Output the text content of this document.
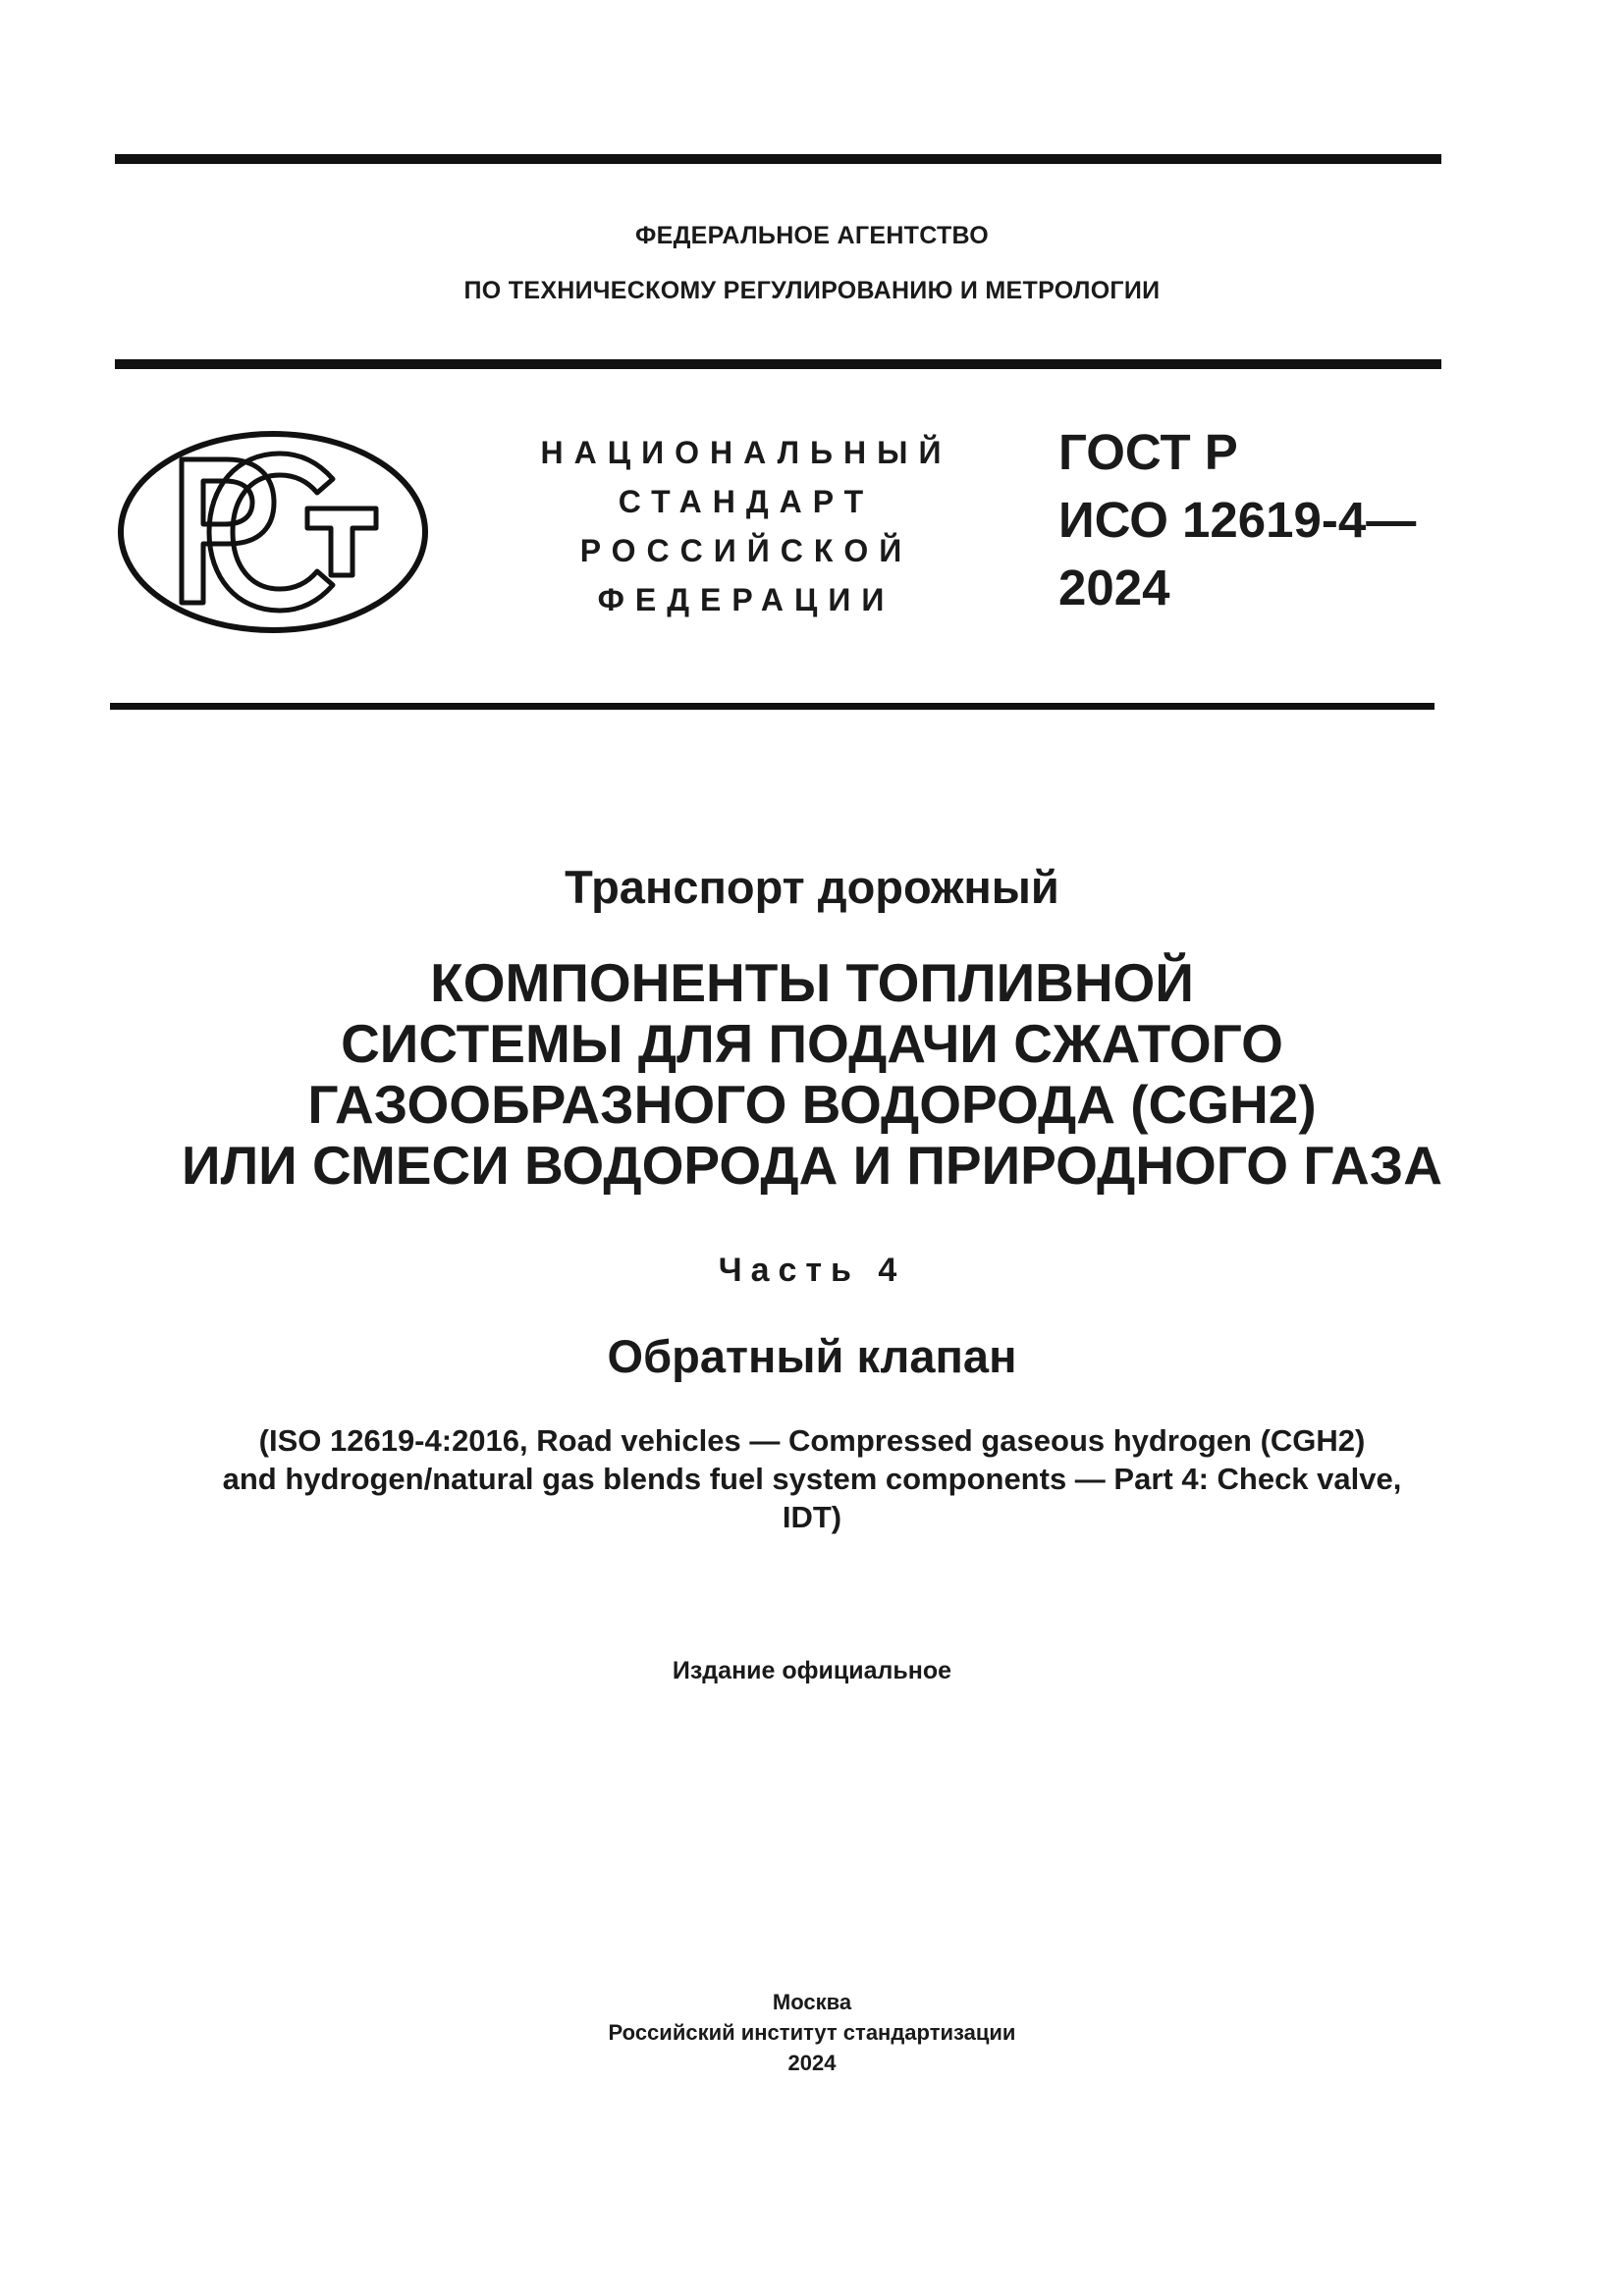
ФЕДЕРАЛЬНОЕ АГЕНТСТВО
ПО ТЕХНИЧЕСКОМУ РЕГУЛИРОВАНИЮ И МЕТРОЛОГИИ
НАЦИОНАЛЬНЫЙ
СТАНДАРТ
РОССИЙСКОЙ
ФЕДЕРАЦИИ
ГОСТ Р
ИСО 12619-4—
2024
Транспорт дорожный
КОМПОНЕНТЫ ТОПЛИВНОЙ
СИСТЕМЫ ДЛЯ ПОДАЧИ СЖАТОГО
ГАЗООБРАЗНОГО ВОДОРОДА (CGH2)
ИЛИ СМЕСИ ВОДОРОДА И ПРИРОДНОГО ГАЗА
Часть 4
Обратный клапан
(ISO 12619-4:2016, Road vehicles — Compressed gaseous hydrogen (CGH2)
and hydrogen/natural gas blends fuel system components — Part 4: Check valve,
IDT)
Издание официальное
Москва
Российский институт стандартизации
2024
